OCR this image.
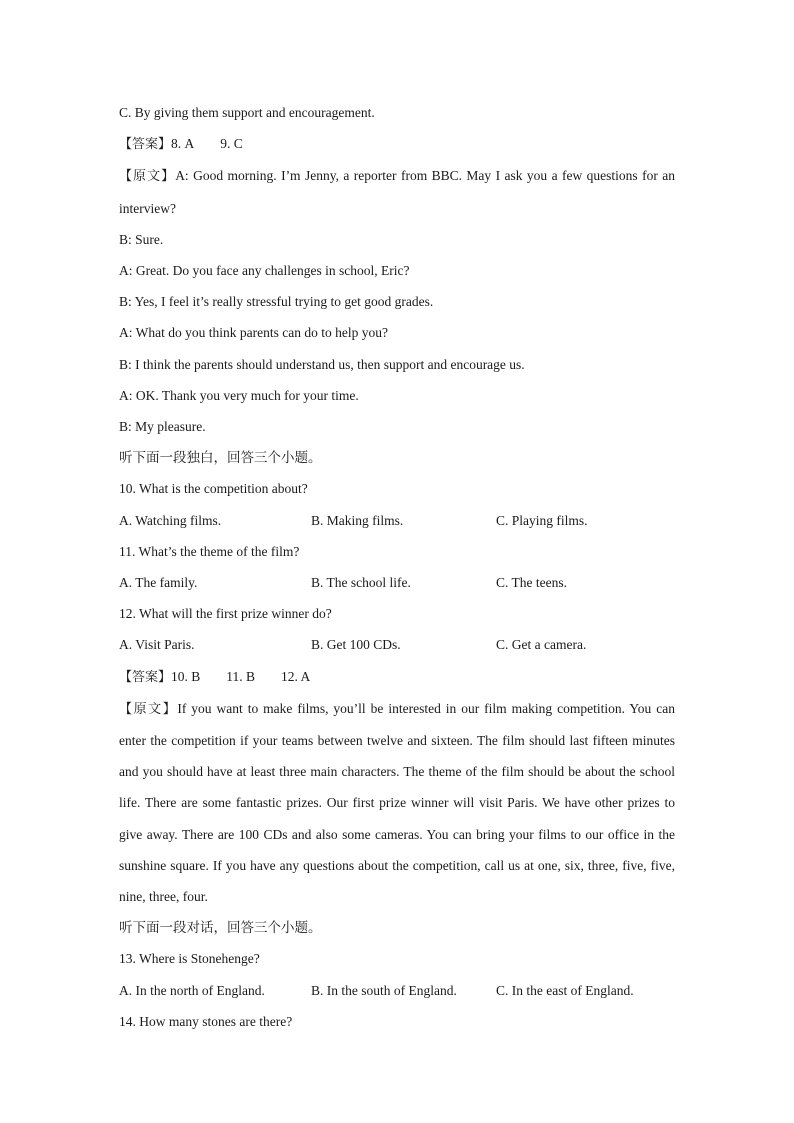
C. By giving them support and encouragement.

【答案】8. A 9. C

【原文】A: Good morning. I’m Jenny, a reporter from BBC. May I ask you a few questions for an interview?

B: Sure.

A: Great. Do you face any challenges in school, Eric?

B: Yes, I feel it’s really stressful trying to get good grades.

A: What do you think parents can do to help you?

B: I think the parents should understand us, then support and encourage us.

A: OK. Thank you very much for your time.

B: My pleasure.

听下面一段独白，回答三个小题。

10. What is the competition about?

A. Watching films.	B. Making films.	C. Playing films.

11. What’s the theme of the film?

A. The family.	B. The school life.	C. The teens.

12. What will the first prize winner do?

A. Visit Paris.	B. Get 100 CDs.	C. Get a camera.

【答案】10. B 11. B 12. A

【原文】If you want to make films, you’ll be interested in our film making competition. You can enter the competition if your teams between twelve and sixteen. The film should last fifteen minutes and you should have at least three main characters. The theme of the film should be about the school life. There are some fantastic prizes. Our first prize winner will visit Paris. We have other prizes to give away. There are 100 CDs and also some cameras. You can bring your films to our office in the sunshine square. If you have any questions about the competition, call us at one, six, three, five, five, nine, three, four.

听下面一段对话，回答三个小题。

13. Where is Stonehenge?

A. In the north of England.	B. In the south of England.	C. In the east of England.

14. How many stones are there?
